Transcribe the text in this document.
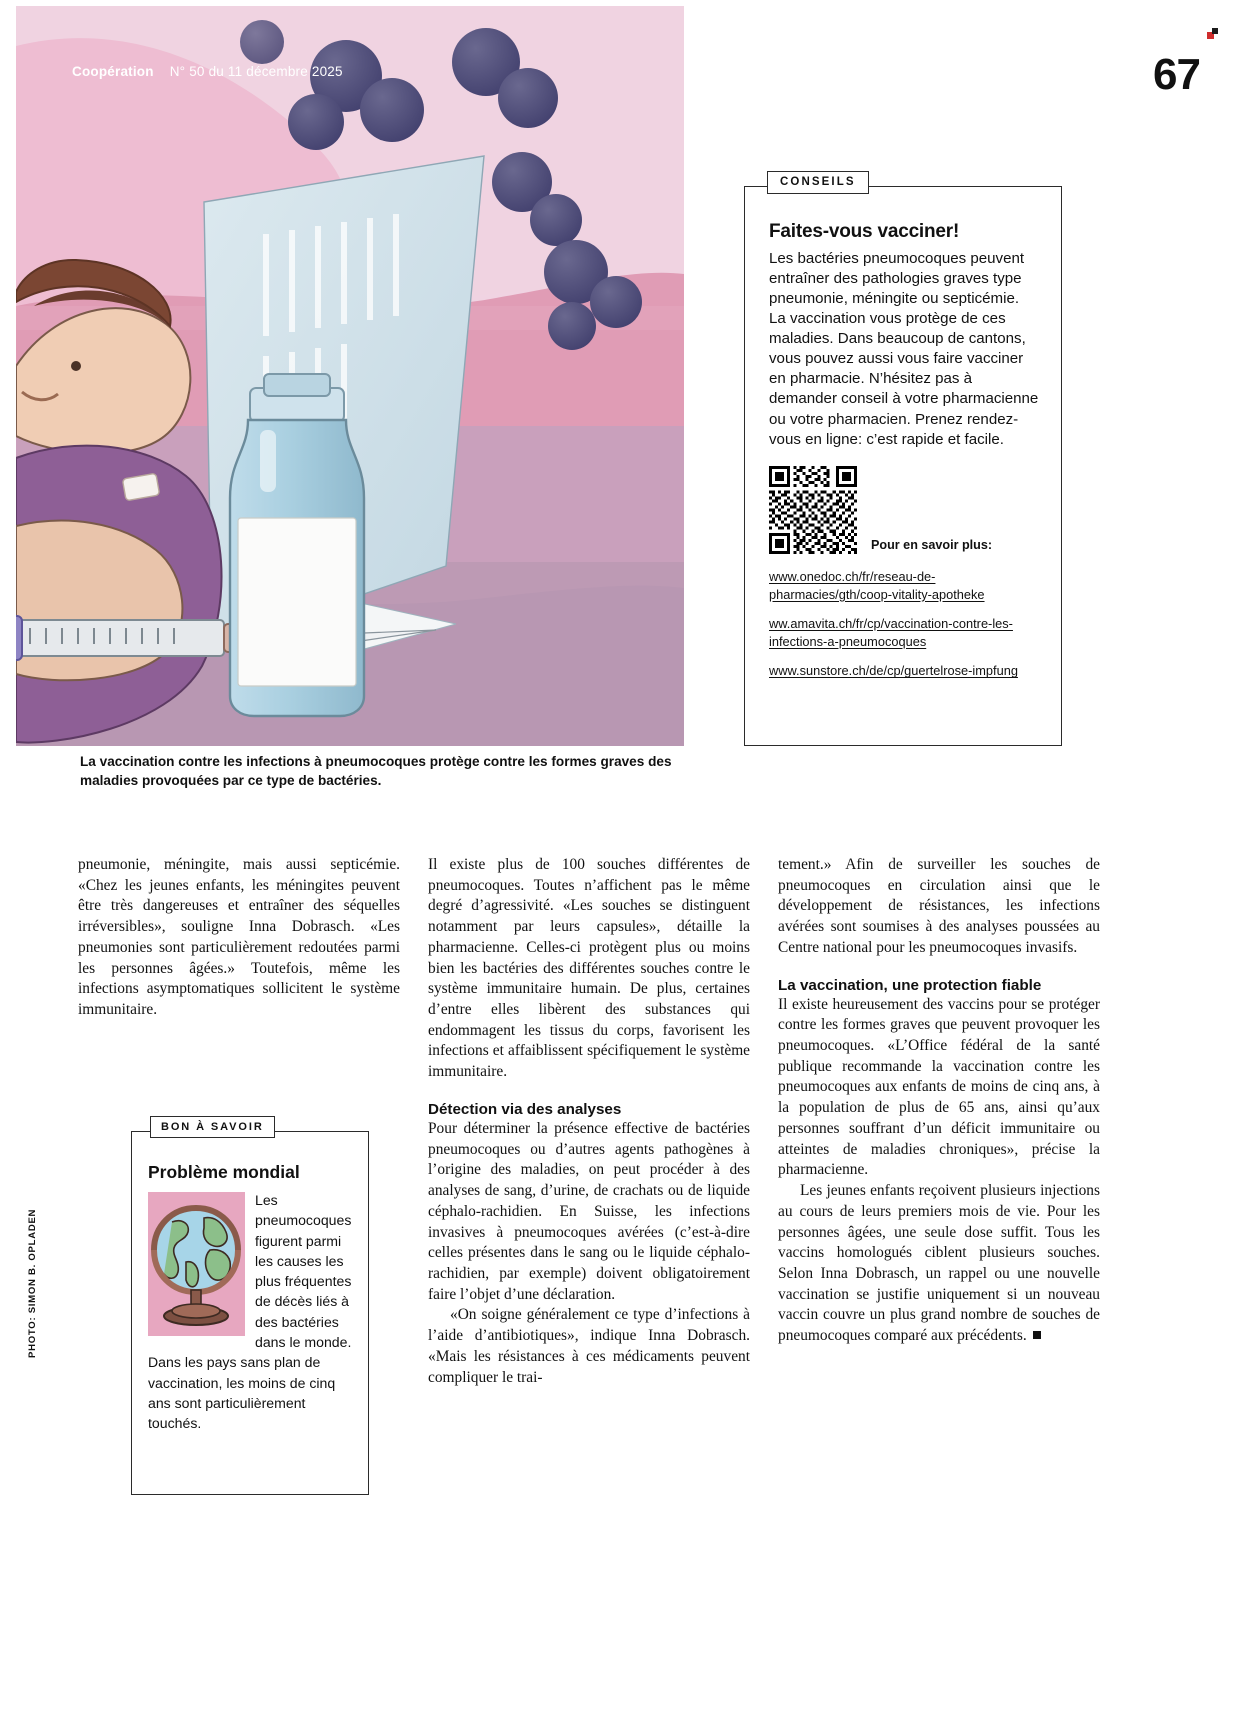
Coopération N° 50 du 11 décembre 2025	67
CONSEILS
Faites-vous vacciner!

Les bactéries pneumocoques peuvent entraîner des pathologies graves type pneumonie, méningite ou septicémie. La vaccination vous protège de ces maladies. Dans beaucoup de cantons, vous pouvez aussi vous faire vacciner en pharmacie. N’hésitez pas à demander conseil à votre pharmacienne ou votre pharmacien. Prenez rendez-vous en ligne: c’est rapide et facile.

Pour en savoir plus:
www.onedoc.ch/fr/reseau-de-pharmacies/gth/coop-vitality-apotheke
ww.amavita.ch/fr/cp/vaccination-contre-les-infections-a-pneumocoques
www.sunstore.ch/de/cp/guertelrose-impfung
La vaccination contre les infections à pneumocoques protège contre les formes graves des maladies provoquées par ce type de bactéries.
PHOTO: SIMON B. OPLADEN

pneumonie, méningite, mais aussi septicémie. «Chez les jeunes enfants, les méningites peuvent être très dangereuses et entraîner des séquelles irréversibles», souligne Inna Dobrasch. «Les pneumonies sont particulièrement redoutées parmi les personnes âgées.» Toutefois, même les infections asymptomatiques sollicitent le système immunitaire.

Il existe plus de 100 souches différentes de pneumocoques. Toutes n’affichent pas le même degré d’agressivité. «Les souches se distinguent notamment par leurs capsules», détaille la pharmacienne. Celles-ci protègent plus ou moins bien les bactéries des différentes souches contre le système immunitaire humain. De plus, certaines d’entre elles libèrent des substances qui endommagent les tissus du corps, favorisent les infections et affaiblissent spécifiquement le système immunitaire.

Détection via des analyses

Pour déterminer la présence effective de bactéries pneumocoques ou d’autres agents pathogènes à l’origine des maladies, on peut procéder à des analyses de sang, d’urine, de crachats ou de liquide céphalo-rachidien. En Suisse, les infections invasives à pneumocoques avérées (c’est-à-dire celles présentes dans le sang ou le liquide céphalo-rachidien, par exemple) doivent obligatoirement faire l’objet d’une déclaration.

«On soigne généralement ce type d’infections à l’aide d’antibiotiques», indique Inna Dobrasch. «Mais les résistances à ces médicaments peuvent compliquer le trai-

tement.» Afin de surveiller les souches de pneumocoques en circulation ainsi que le développement de résistances, les infections avérées sont soumises à des analyses poussées au Centre national pour les pneumocoques invasifs.

La vaccination, une protection fiable

Il existe heureusement des vaccins pour se protéger contre les formes graves que peuvent provoquer les pneumocoques. «L’Office fédéral de la santé publique recommande la vaccination contre les pneumocoques aux enfants de moins de cinq ans, à la population de plus de 65 ans, ainsi qu’aux personnes souffrant d’un déficit immunitaire ou atteintes de maladies chroniques», précise la pharmacienne.

Les jeunes enfants reçoivent plusieurs injections au cours de leurs premiers mois de vie. Pour les personnes âgées, une seule dose suffit. Tous les vaccins homologués ciblent plusieurs souches. Selon Inna Dobrasch, un rappel ou une nouvelle vaccination se justifie uniquement si un nouveau vaccin couvre un plus grand nombre de souches de pneumocoques comparé aux précédents.

BON À SAVOIR
Problème mondial
Les pneumocoques figurent parmi les causes les plus fréquentes de décès liés à des bactéries dans le monde. Dans les pays sans plan de vaccination, les moins de cinq ans sont particulièrement touchés.
